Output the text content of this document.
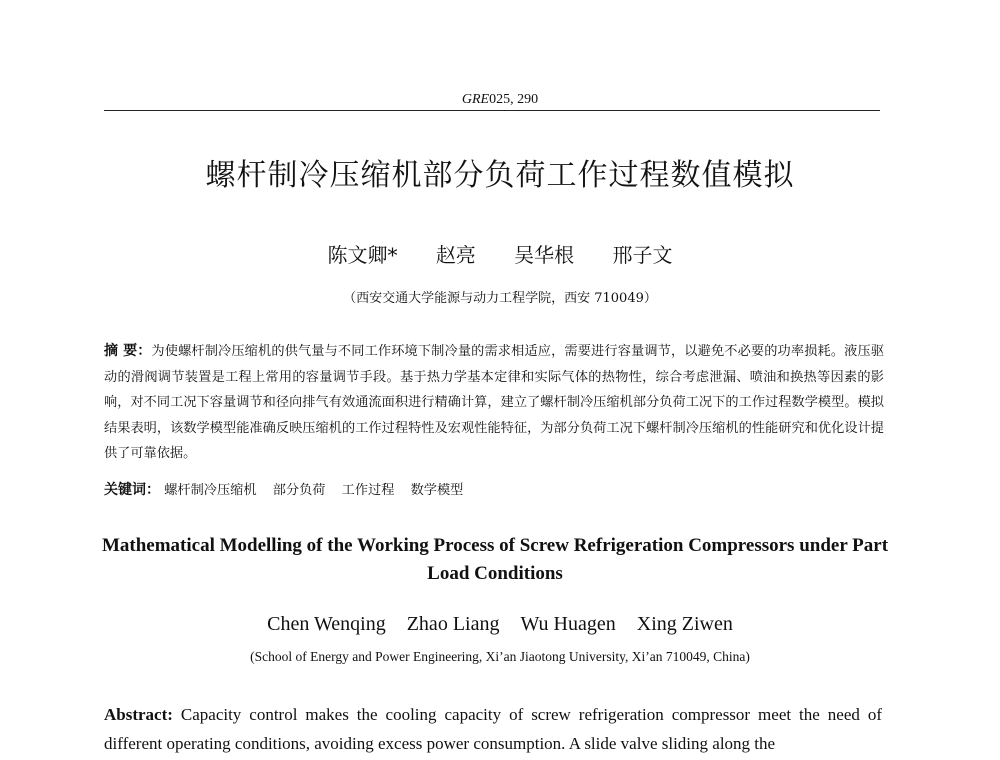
GRE025, 290
螺杆制冷压缩机部分负荷工作过程数值模拟
陈文卿* 赵亮 吴华根 邢子文
（西安交通大学能源与动力工程学院，西安 710049）
摘 要：为使螺杆制冷压缩机的供气量与不同工作环境下制冷量的需求相适应，需要进行容量调节，以避免不必要的功率损耗。液压驱动的滑阀调节装置是工程上常用的容量调节手段。基于热力学基本定律和实际气体的热物性，综合考虑泄漏、喷油和换热等因素的影响，对不同工况下容量调节和径向排气有效通流面积进行精确计算，建立了螺杆制冷压缩机部分负荷工况下的工作过程数学模型。模拟结果表明，该数学模型能准确反映压缩机的工作过程特性及宏观性能特征，为部分负荷工况下螺杆制冷压缩机的性能研究和优化设计提供了可靠依据。
关键词： 螺杆制冷压缩机 部分负荷 工作过程 数学模型
Mathematical Modelling of the Working Process of Screw Refrigeration Compressors under Part Load Conditions
Chen Wenqing Zhao Liang Wu Huagen Xing Ziwen
(School of Energy and Power Engineering, Xi’an Jiaotong University, Xi’an 710049, China)
Abstract: Capacity control makes the cooling capacity of screw refrigeration compressor meet the need of different operating conditions, avoiding excess power consumption. A slide valve sliding along the
